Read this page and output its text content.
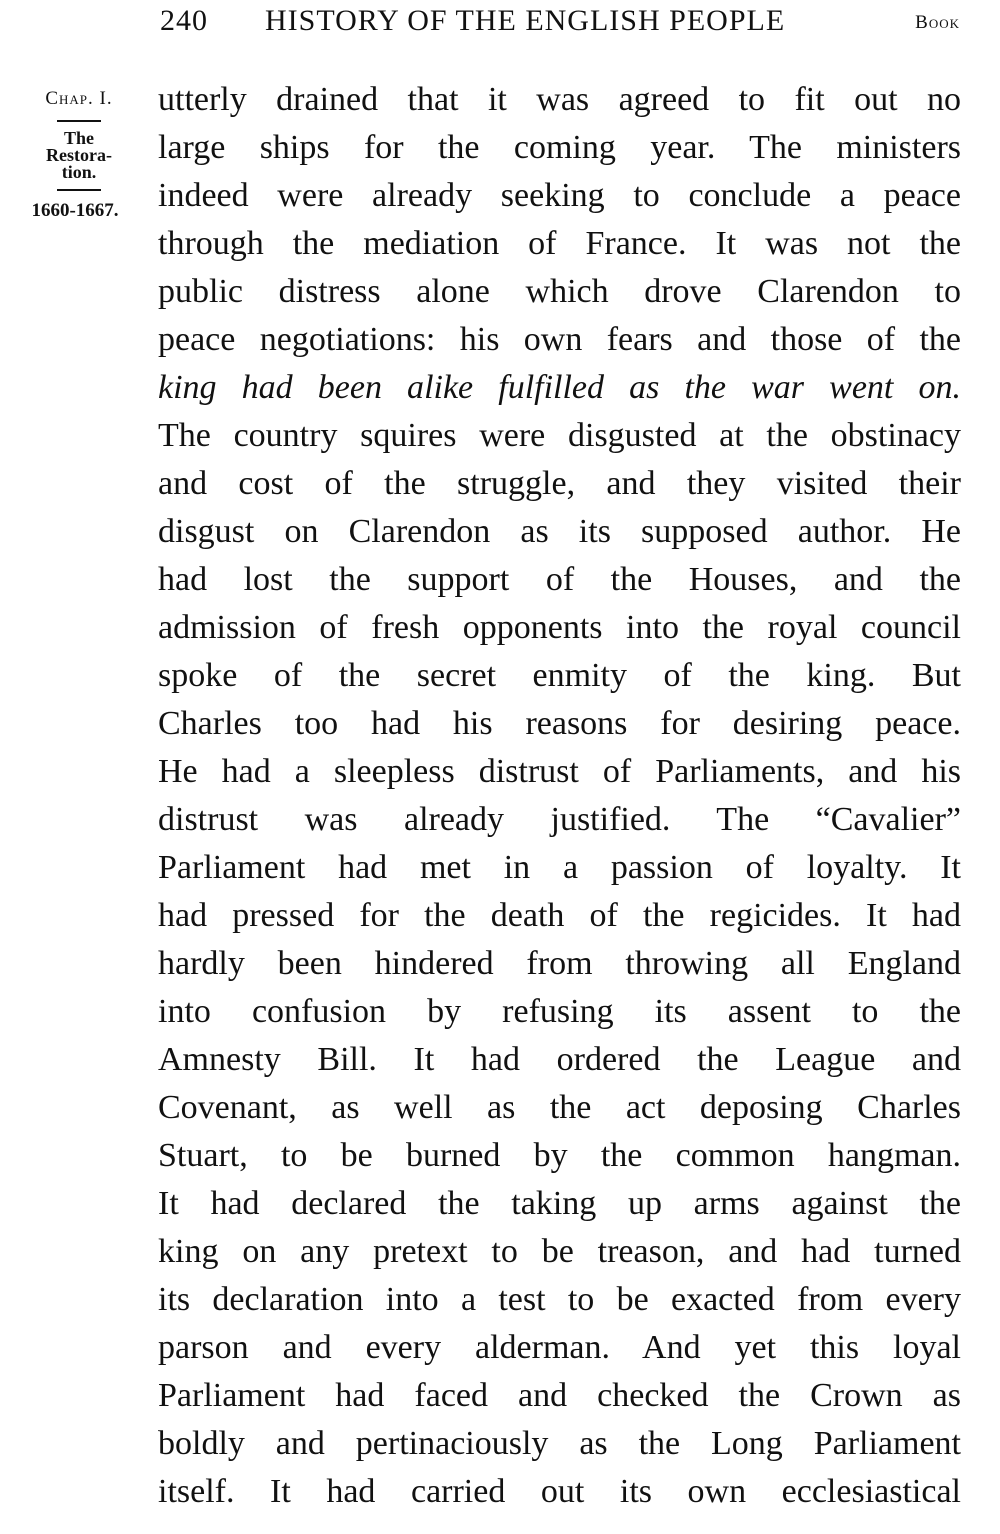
240 HISTORY OF THE ENGLISH PEOPLE	Book
Chap. I.
The
Restora-
tion.
1660-1667.
utterly drained that it was agreed to fit out no
large ships for the coming year. The ministers
indeed were already seeking to conclude a peace
through the mediation of France. It was not the
public distress alone which drove Clarendon to
peace negotiations: his own fears and those of the
king had been alike fulfilled as the war went on.
The country squires were disgusted at the obstinacy
and cost of the struggle, and they visited their
disgust on Clarendon as its supposed author. He
had lost the support of the Houses, and the
admission of fresh opponents into the royal council
spoke of the secret enmity of the king. But
Charles too had his reasons for desiring peace.
He had a sleepless distrust of Parliaments, and his
distrust was already justified. The “Cavalier”
Parliament had met in a passion of loyalty. It
had pressed for the death of the regicides. It had
hardly been hindered from throwing all England
into confusion by refusing its assent to the
Amnesty Bill. It had ordered the League and
Covenant, as well as the act deposing Charles
Stuart, to be burned by the common hangman.
It had declared the taking up arms against the
king on any pretext to be treason, and had turned
its declaration into a test to be exacted from every
parson and every alderman. And yet this loyal
Parliament had faced and checked the Crown as
boldly and pertinaciously as the Long Parliament
itself. It had carried out its own ecclesiastical
